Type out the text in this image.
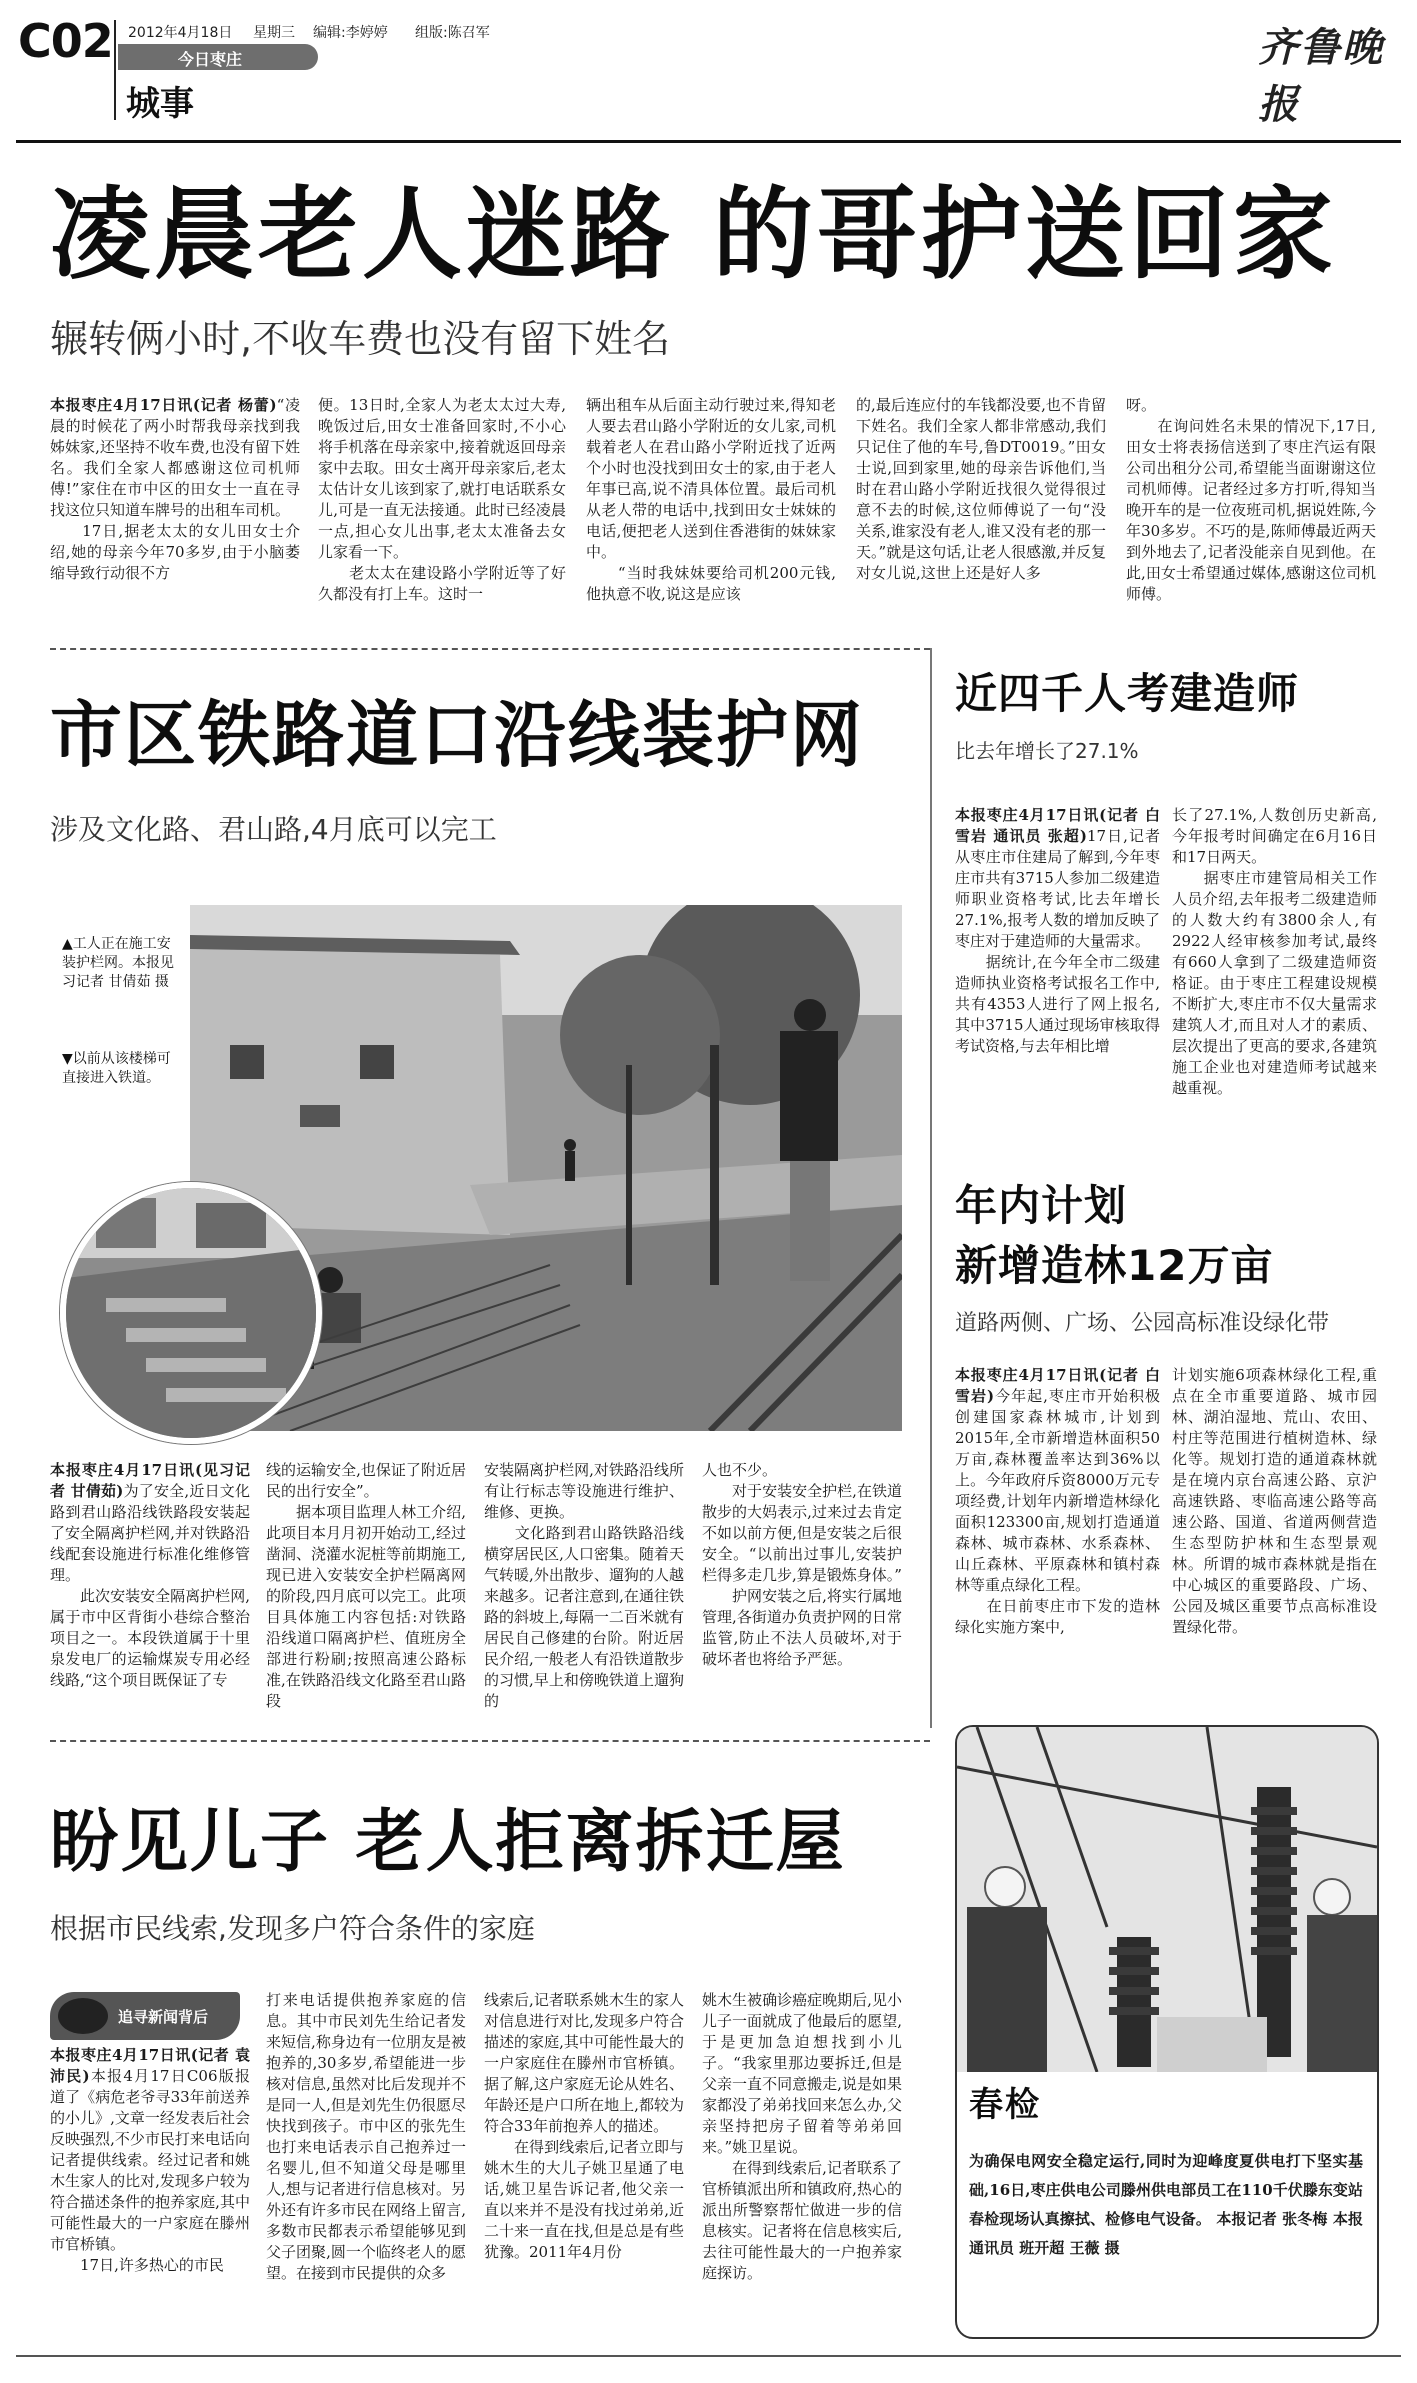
C02 2012年4月18日 星期三 编辑:李婷婷 组版:陈召军
今日枣庄
城事
齐鲁晚报
凌晨老人迷路 的哥护送回家
辗转俩小时,不收车费也没有留下姓名
本报枣庄4月17日讯(记者 杨蕾)“凌晨的时候花了两小时帮我母亲找到我姊妹家,还坚持不收车费,也没有留下姓名。我们全家人都感谢这位司机师傅!”家住在市中区的田女士一直在寻找这位只知道车牌号的出租车司机。
　　17日,据老太太的女儿田女士介绍,她的母亲今年70多岁,由于小脑萎缩导致行动很不方
便。13日时,全家人为老太太过大寿,晚饭过后,田女士准备回家时,不小心将手机落在母亲家中,接着就返回母亲家中去取。田女士离开母亲家后,老太太估计女儿该到家了,就打电话联系女儿,可是一直无法接通。此时已经凌晨一点,担心女儿出事,老太太准备去女儿家看一下。
　　老太太在建设路小学附近等了好久都没有打上车。这时一
辆出租车从后面主动行驶过来,得知老人要去君山路小学附近的女儿家,司机载着老人在君山路小学附近找了近两个小时也没找到田女士的家,由于老人年事已高,说不清具体位置。最后司机从老人带的电话中,找到田女士妹妹的电话,便把老人送到住香港街的妹妹家中。
　　“当时我妹妹要给司机200元钱,他执意不收,说这是应该
的,最后连应付的车钱都没要,也不肯留下姓名。我们全家人都非常感动,我们只记住了他的车号,鲁DT0019。”田女士说,回到家里,她的母亲告诉他们,当时在君山路小学附近找很久觉得很过意不去的时候,这位师傅说了一句“没关系,谁家没有老人,谁又没有老的那一天。”就是这句话,让老人很感激,并反复对女儿说,这世上还是好人多
呀。
　　在询问姓名未果的情况下,17日,田女士将表扬信送到了枣庄汽运有限公司出租分公司,希望能当面谢谢这位司机师傅。记者经过多方打听,得知当晚开车的是一位夜班司机,据说姓陈,今年30多岁。不巧的是,陈师傅最近两天到外地去了,记者没能亲自见到他。在此,田女士希望通过媒体,感谢这位司机师傅。
市区铁路道口沿线装护网
涉及文化路、君山路,4月底可以完工
▲工人正在施工安装护栏网。本报见习记者 甘倩茹 摄
▼以前从该楼梯可直接进入铁道。
本报枣庄4月17日讯(见习记者 甘倩茹)为了安全,近日文化路到君山路沿线铁路段安装起了安全隔离护栏网,并对铁路沿线配套设施进行标准化维修管理。
　　此次安装安全隔离护栏网,属于市中区背街小巷综合整治项目之一。本段铁道属于十里泉发电厂的运输煤炭专用必经线路,“这个项目既保证了专
线的运输安全,也保证了附近居民的出行安全”。
　　据本项目监理人林工介绍,此项目本月月初开始动工,经过凿洞、浇灌水泥桩等前期施工,现已进入安装安全护栏隔离网的阶段,四月底可以完工。此项目具体施工内容包括:对铁路沿线道口隔离护栏、值班房全部进行粉刷;按照高速公路标准,在铁路沿线文化路至君山路段
安装隔离护栏网,对铁路沿线所有让行标志等设施进行维护、维修、更换。
　　文化路到君山路铁路沿线横穿居民区,人口密集。随着天气转暖,外出散步、遛狗的人越来越多。记者注意到,在通往铁路的斜坡上,每隔一二百米就有居民自己修建的台阶。附近居民介绍,一般老人有沿铁道散步的习惯,早上和傍晚铁道上遛狗的
人也不少。
　　对于安装安全护栏,在铁道散步的大妈表示,过来过去肯定不如以前方便,但是安装之后很安全。“以前出过事儿,安装护栏得多走几步,算是锻炼身体。”
　　护网安装之后,将实行属地管理,各街道办负责护网的日常监管,防止不法人员破坏,对于破坏者也将给予严惩。
近四千人考建造师
比去年增长了27.1%
本报枣庄4月17日讯(记者 白雪岩 通讯员 张超)17日,记者从枣庄市住建局了解到,今年枣庄市共有3715人参加二级建造师职业资格考试,比去年增长27.1%,报考人数的增加反映了枣庄对于建造师的大量需求。
　　据统计,在今年全市二级建造师执业资格考试报名工作中,共有4353人进行了网上报名,其中3715人通过现场审核取得考试资格,与去年相比增
长了27.1%,人数创历史新高,今年报考时间确定在6月16日和17日两天。
　　据枣庄市建管局相关工作人员介绍,去年报考二级建造师的人数大约有3800余人,有2922人经审核参加考试,最终有660人拿到了二级建造师资格证。由于枣庄工程建设规模不断扩大,枣庄市不仅大量需求建筑人才,而且对人才的素质、层次提出了更高的要求,各建筑施工企业也对建造师考试越来越重视。
年内计划
新增造林12万亩
道路两侧、广场、公园高标准设绿化带
本报枣庄4月17日讯(记者 白雪岩)今年起,枣庄市开始积极创建国家森林城市,计划到2015年,全市新增造林面积50万亩,森林覆盖率达到36%以上。今年政府斥资8000万元专项经费,计划年内新增造林绿化面积123300亩,规划打造通道森林、城市森林、水系森林、山丘森林、平原森林和镇村森林等重点绿化工程。
　　在日前枣庄市下发的造林绿化实施方案中,
计划实施6项森林绿化工程,重点在全市重要道路、城市园林、湖泊湿地、荒山、农田、村庄等范围进行植树造林、绿化等。规划打造的通道森林就是在境内京台高速公路、京沪高速铁路、枣临高速公路等高速公路、国道、省道两侧营造生态型防护林和生态型景观林。所谓的城市森林就是指在中心城区的重要路段、广场、公园及城区重要节点高标准设置绿化带。
盼见儿子 老人拒离拆迁屋
根据市民线索,发现多户符合条件的家庭
追寻新闻背后
本报枣庄4月17日讯(记者 袁沛民)本报4月17日C06版报道了《病危老爷寻33年前送养的小儿》,文章一经发表后社会反映强烈,不少市民打来电话向记者提供线索。经过记者和姚木生家人的比对,发现多户较为符合描述条件的抱养家庭,其中可能性最大的一户家庭在滕州市官桥镇。
　　17日,许多热心的市民
打来电话提供抱养家庭的信息。其中市民刘先生给记者发来短信,称身边有一位朋友是被抱养的,30多岁,希望能进一步核对信息,虽然对比后发现并不是同一人,但是刘先生仍很愿尽快找到孩子。市中区的张先生也打来电话表示自己抱养过一名婴儿,但不知道父母是哪里人,想与记者进行信息核对。另外还有许多市民在网络上留言,多数市民都表示希望能够见到父子团聚,圆一个临终老人的愿望。在接到市民提供的众多
线索后,记者联系姚木生的家人对信息进行对比,发现多户符合描述的家庭,其中可能性最大的一户家庭住在滕州市官桥镇。据了解,这户家庭无论从姓名、年龄还是户口所在地上,都较为符合33年前抱养人的描述。
　　在得到线索后,记者立即与姚木生的大儿子姚卫星通了电话,姚卫星告诉记者,他父亲一直以来并不是没有找过弟弟,近二十来一直在找,但是总是有些犹豫。2011年4月份
姚木生被确诊癌症晚期后,见小儿子一面就成了他最后的愿望,于是更加急迫想找到小儿子。“我家里那边要拆迁,但是父亲一直不同意搬走,说是如果家都没了弟弟找回来怎么办,父亲坚持把房子留着等弟弟回来。”姚卫星说。
　　在得到线索后,记者联系了官桥镇派出所和镇政府,热心的派出所警察帮忙做进一步的信息核实。记者将在信息核实后,去往可能性最大的一户抱养家庭探访。
春检
为确保电网安全稳定运行,同时为迎峰度夏供电打下坚实基础,16日,枣庄供电公司滕州供电部员工在110千伏滕东变站春检现场认真擦拭、检修电气设备。 本报记者 张冬梅 本报通讯员 班开超 王薇 摄
